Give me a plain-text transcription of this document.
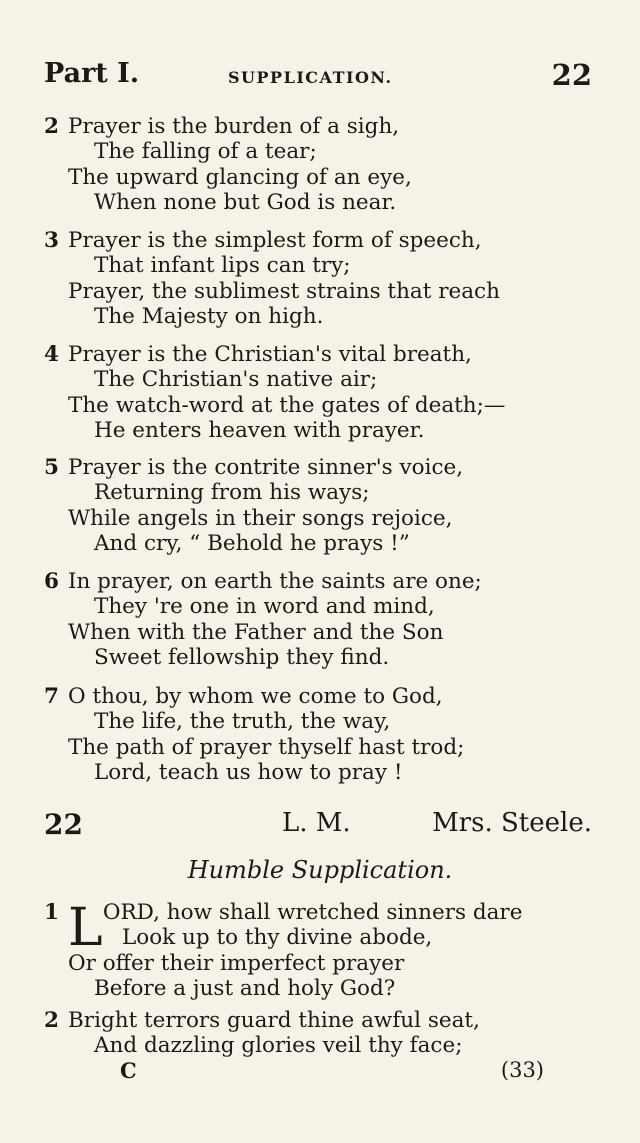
Part I.	SUPPLICATION.	22
2 Prayer is the burden of a sigh,
The falling of a tear;
The upward glancing of an eye,
When none but God is near.
3 Prayer is the simplest form of speech,
That infant lips can try;
Prayer, the sublimest strains that reach
The Majesty on high.
4 Prayer is the Christian's vital breath,
The Christian's native air;
The watch-word at the gates of death;—
He enters heaven with prayer.
5 Prayer is the contrite sinner's voice,
Returning from his ways;
While angels in their songs rejoice,
And cry, “ Behold he prays !”
6 In prayer, on earth the saints are one;
They 're one in word and mind,
When with the Father and the Son
Sweet fellowship they find.
7 O thou, by whom we come to God,
The life, the truth, the way,
The path of prayer thyself hast trod;
Lord, teach us how to pray !
22	L. M.	Mrs. Steele.
Humble Supplication.
1 L ORD, how shall wretched sinners dare
Look up to thy divine abode,
Or offer their imperfect prayer
Before a just and holy God?
2 Bright terrors guard thine awful seat,
And dazzling glories veil thy face;
C	(33)
